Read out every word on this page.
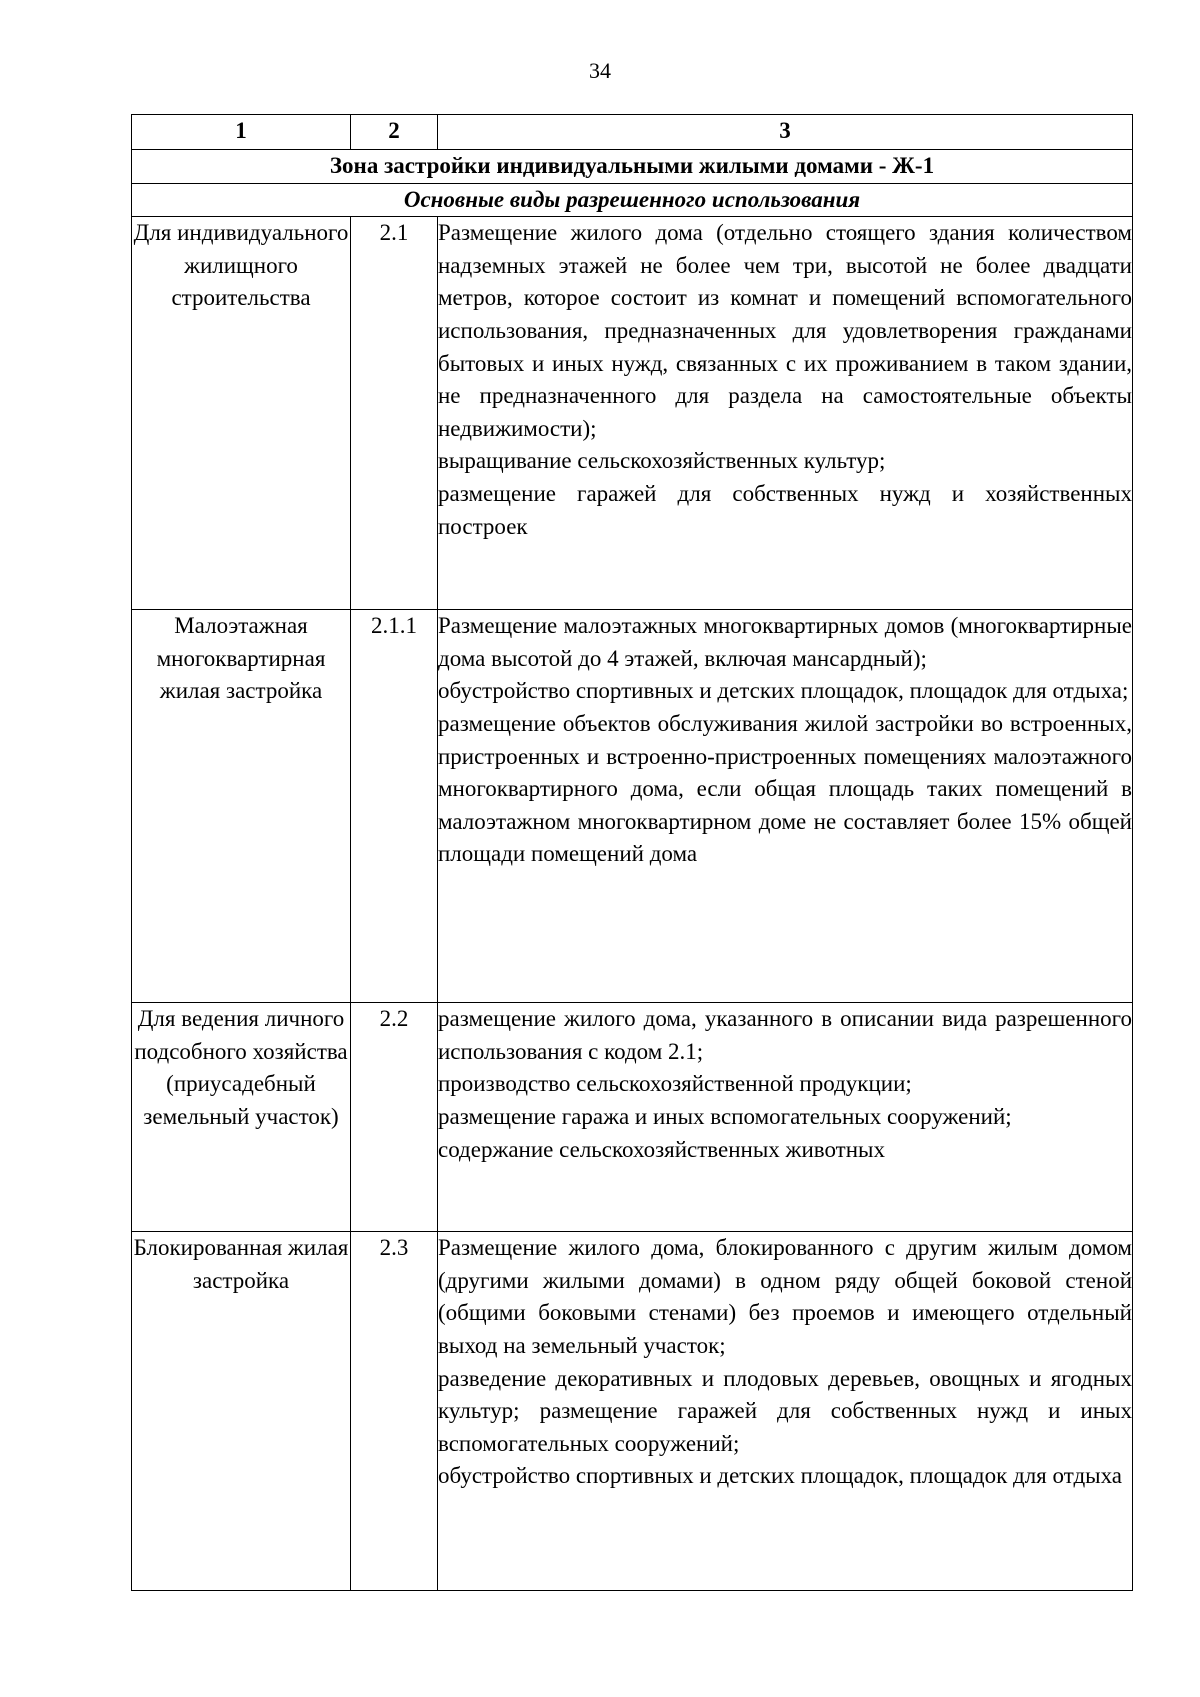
34
1	2	3
Зона застройки индивидуальными жилыми домами - Ж-1		
Основные виды разрешенного использования		
Для индивидуального жилищного строительства	2.1	Размещение жилого дома (отдельно стоящего здания количеством надземных этажей не более чем три, высотой не более двадцати метров, которое состоит из комнат и помещений вспомогательного использования, предназначенных для удовлетворения гражданами бытовых и иных нужд, связанных с их проживанием в таком здании, не предназначенного для раздела на самостоятельные объекты недвижимости);
выращивание сельскохозяйственных культур;
размещение гаражей для собственных нужд и хозяйственных построек

Малоэтажная многоквартирная жилая застройка	2.1.1	Размещение малоэтажных многоквартирных домов (многоквартирные дома высотой до 4 этажей, включая мансардный);
обустройство спортивных и детских площадок, площадок для отдыха;
размещение объектов обслуживания жилой застройки во встроенных, пристроенных и встроенно-пристроенных помещениях малоэтажного многоквартирного дома, если общая площадь таких помещений в малоэтажном многоквартирном доме не составляет более 15% общей площади помещений дома

Для ведения личного подсобного хозяйства (приусадебный земельный участок)	2.2	размещение жилого дома, указанного в описании вида разрешенного использования с кодом 2.1;
производство сельскохозяйственной продукции;
размещение гаража и иных вспомогательных сооружений;
содержание сельскохозяйственных животных

Блокированная жилая застройка	2.3	Размещение жилого дома, блокированного с другим жилым домом (другими жилыми домами) в одном ряду общей боковой стеной (общими боковыми стенами) без проемов и имеющего отдельный выход на земельный участок;
разведение декоративных и плодовых деревьев, овощных и ягодных культур; размещение гаражей для собственных нужд и иных вспомогательных сооружений;
обустройство спортивных и детских площадок, площадок для отдыха
